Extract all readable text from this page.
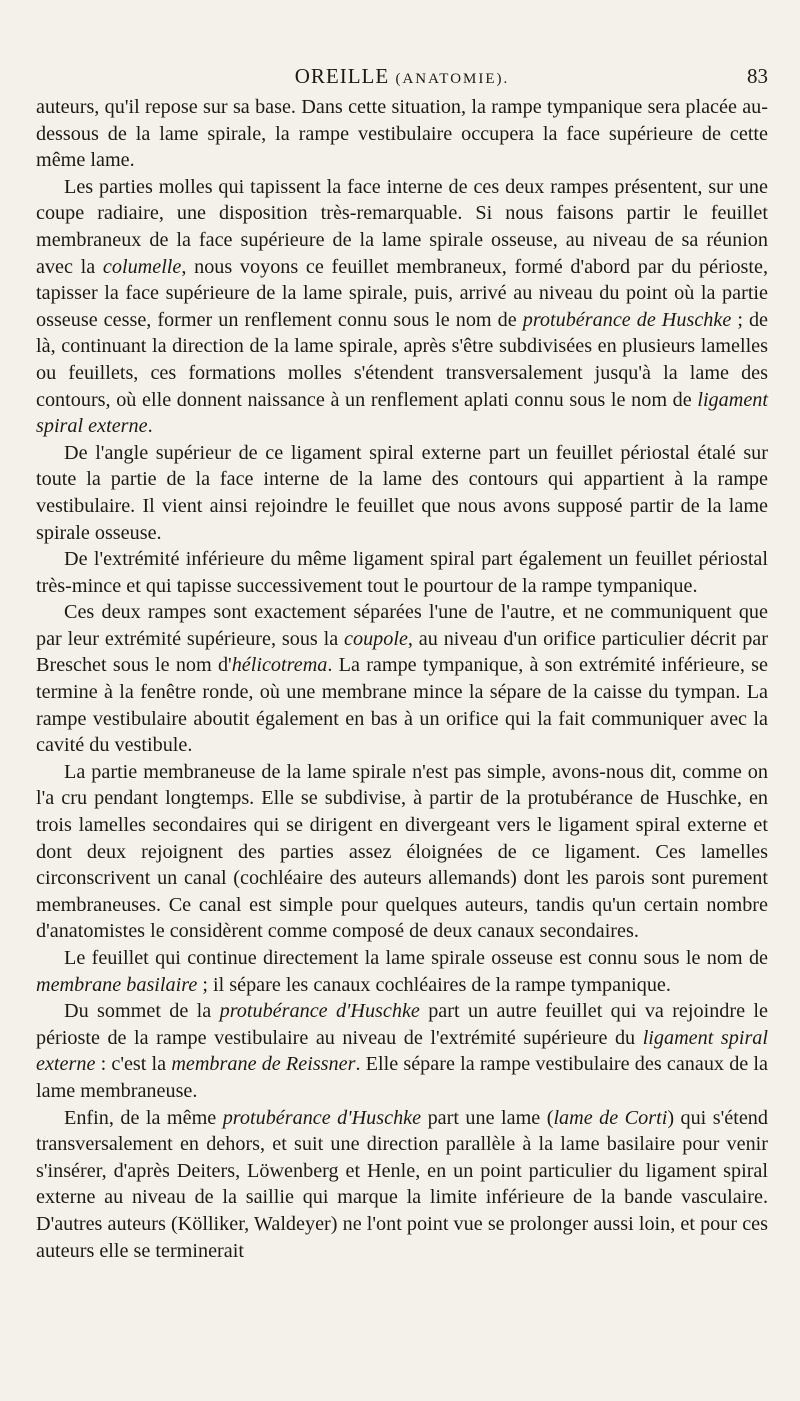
OREILLE (ANATOMIE).	83

auteurs, qu'il repose sur sa base. Dans cette situation, la rampe tympanique sera placée au-dessous de la lame spirale, la rampe vestibulaire occupera la face supérieure de cette même lame.

Les parties molles qui tapissent la face interne de ces deux rampes présentent, sur une coupe radiaire, une disposition très-remarquable. Si nous faisons partir le feuillet membraneux de la face supérieure de la lame spirale osseuse, au niveau de sa réunion avec la columelle, nous voyons ce feuillet membraneux, formé d'abord par du périoste, tapisser la face supérieure de la lame spirale, puis, arrivé au niveau du point où la partie osseuse cesse, former un renflement connu sous le nom de protubérance de Huschke ; de là, continuant la direction de la lame spirale, après s'être subdivisées en plusieurs lamelles ou feuillets, ces formations molles s'étendent transversalement jusqu'à la lame des contours, où elle donnent naissance à un renflement aplati connu sous le nom de ligament spiral externe.

De l'angle supérieur de ce ligament spiral externe part un feuillet périostal étalé sur toute la partie de la face interne de la lame des contours qui appartient à la rampe vestibulaire. Il vient ainsi rejoindre le feuillet que nous avons supposé partir de la lame spirale osseuse.

De l'extrémité inférieure du même ligament spiral part également un feuillet périostal très-mince et qui tapisse successivement tout le pourtour de la rampe tympanique.

Ces deux rampes sont exactement séparées l'une de l'autre, et ne communiquent que par leur extrémité supérieure, sous la coupole, au niveau d'un orifice particulier décrit par Breschet sous le nom d'hélicotrema. La rampe tympanique, à son extrémité inférieure, se termine à la fenêtre ronde, où une membrane mince la sépare de la caisse du tympan. La rampe vestibulaire aboutit également en bas à un orifice qui la fait communiquer avec la cavité du vestibule.

La partie membraneuse de la lame spirale n'est pas simple, avons-nous dit, comme on l'a cru pendant longtemps. Elle se subdivise, à partir de la protubérance de Huschke, en trois lamelles secondaires qui se dirigent en divergeant vers le ligament spiral externe et dont deux rejoignent des parties assez éloignées de ce ligament. Ces lamelles circonscrivent un canal (cochléaire des auteurs allemands) dont les parois sont purement membraneuses. Ce canal est simple pour quelques auteurs, tandis qu'un certain nombre d'anatomistes le considèrent comme composé de deux canaux secondaires.

Le feuillet qui continue directement la lame spirale osseuse est connu sous le nom de membrane basilaire ; il sépare les canaux cochléaires de la rampe tympanique.

Du sommet de la protubérance d'Huschke part un autre feuillet qui va rejoindre le périoste de la rampe vestibulaire au niveau de l'extrémité supérieure du ligament spiral externe : c'est la membrane de Reissner. Elle sépare la rampe vestibulaire des canaux de la lame membraneuse.

Enfin, de la même protubérance d'Huschke part une lame (lame de Corti) qui s'étend transversalement en dehors, et suit une direction parallèle à la lame basilaire pour venir s'insérer, d'après Deiters, Löwenberg et Henle, en un point particulier du ligament spiral externe au niveau de la saillie qui marque la limite inférieure de la bande vasculaire. D'autres auteurs (Kölliker, Waldeyer) ne l'ont point vue se prolonger aussi loin, et pour ces auteurs elle se terminerait
